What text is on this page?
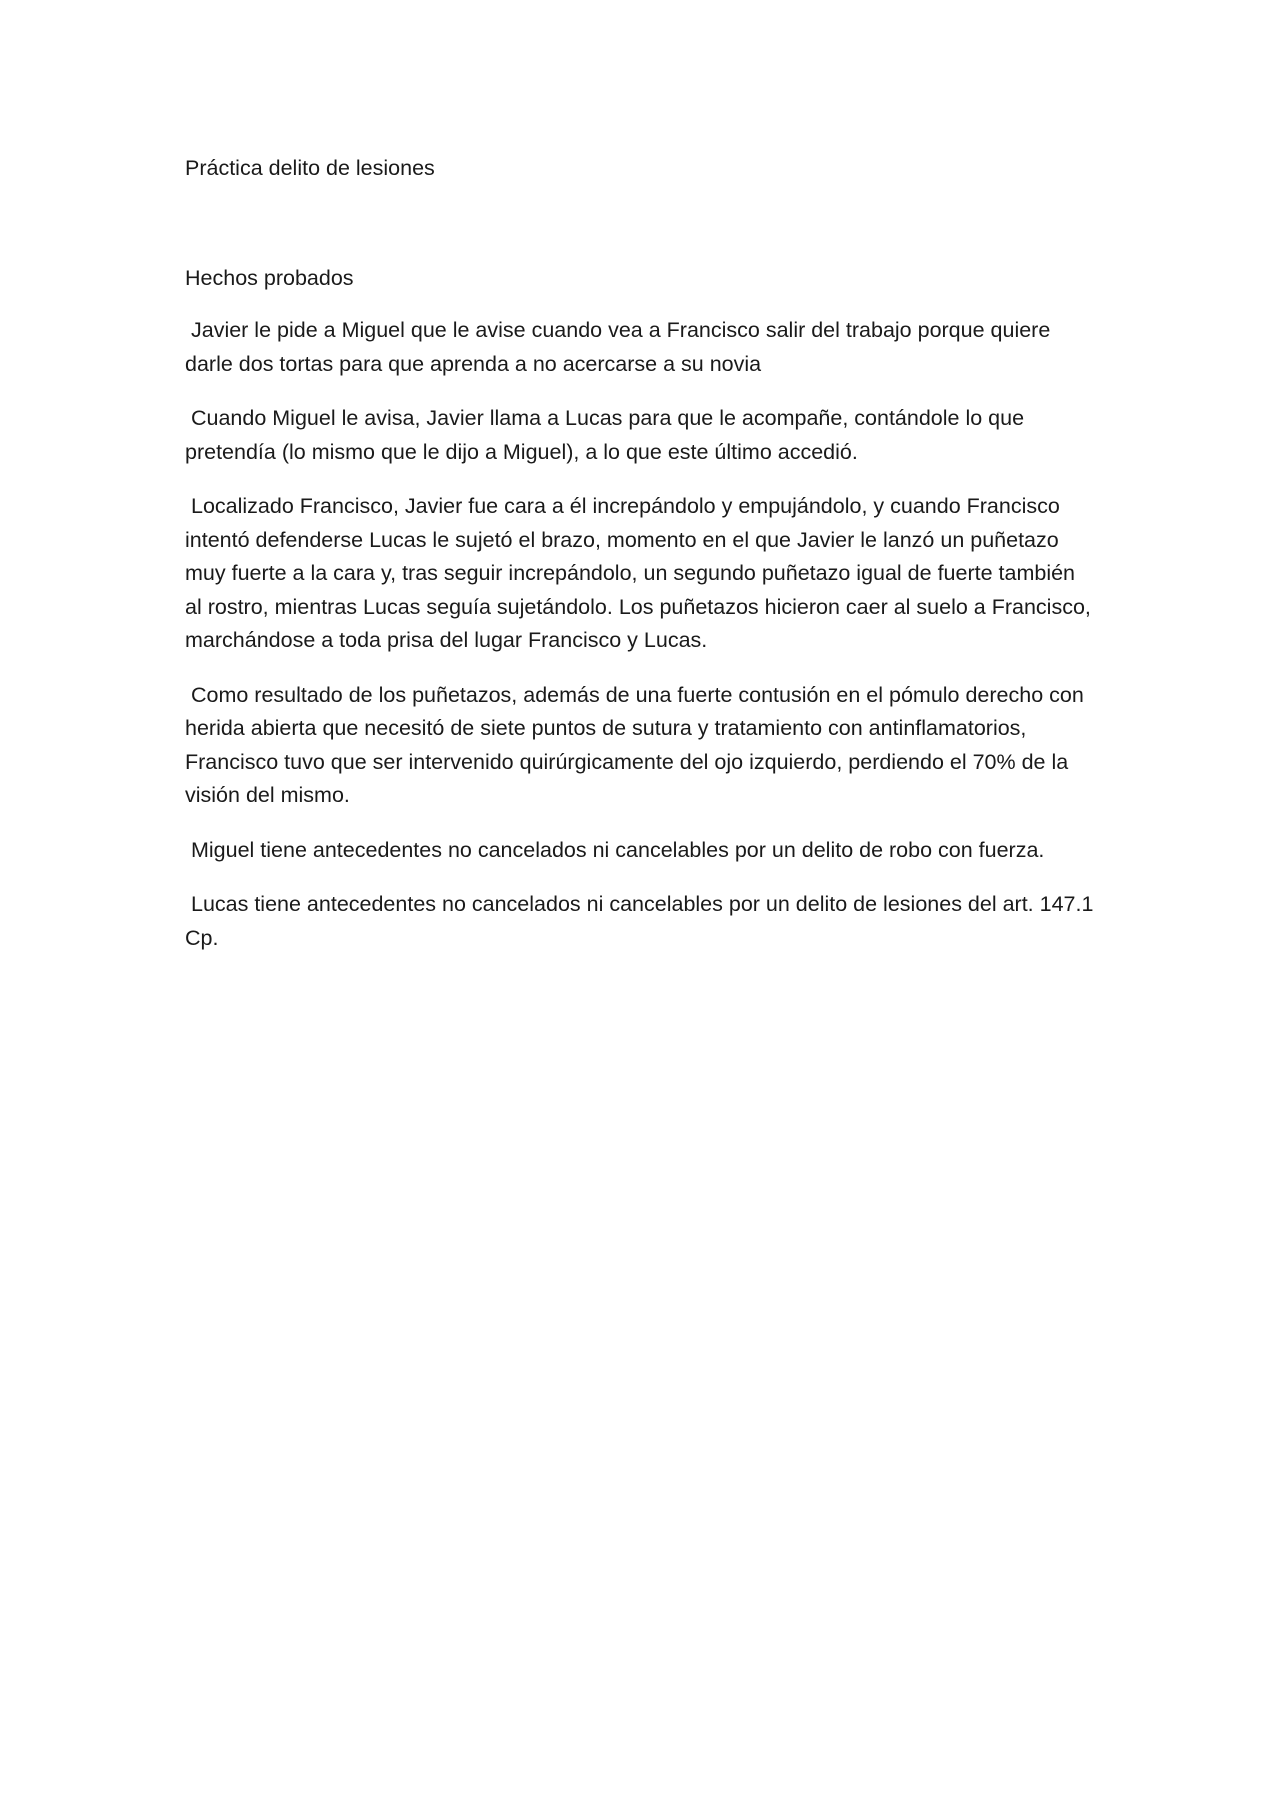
Práctica delito de lesiones

Hechos probados

Javier le pide a Miguel que le avise cuando vea a Francisco salir del trabajo porque quiere darle dos tortas para que aprenda a no acercarse a su novia

Cuando Miguel le avisa, Javier llama a Lucas para que le acompañe, contándole lo que pretendía (lo mismo que le dijo a Miguel), a lo que este último accedió.

Localizado Francisco, Javier fue cara a él increpándolo y empujándolo, y cuando Francisco intentó defenderse Lucas le sujetó el brazo, momento en el que Javier le lanzó un puñetazo muy fuerte a la cara y, tras seguir increpándolo, un segundo puñetazo igual de fuerte también al rostro, mientras Lucas seguía sujetándolo. Los puñetazos hicieron caer al suelo a Francisco, marchándose a toda prisa del lugar Francisco y Lucas.

Como resultado de los puñetazos, además de una fuerte contusión en el pómulo derecho con herida abierta que necesitó de siete puntos de sutura y tratamiento con antinflamatorios, Francisco tuvo que ser intervenido quirúrgicamente del ojo izquierdo, perdiendo el 70% de la visión del mismo.

Miguel tiene antecedentes no cancelados ni cancelables por un delito de robo con fuerza.

Lucas tiene antecedentes no cancelados ni cancelables por un delito de lesiones del art. 147.1 Cp.
